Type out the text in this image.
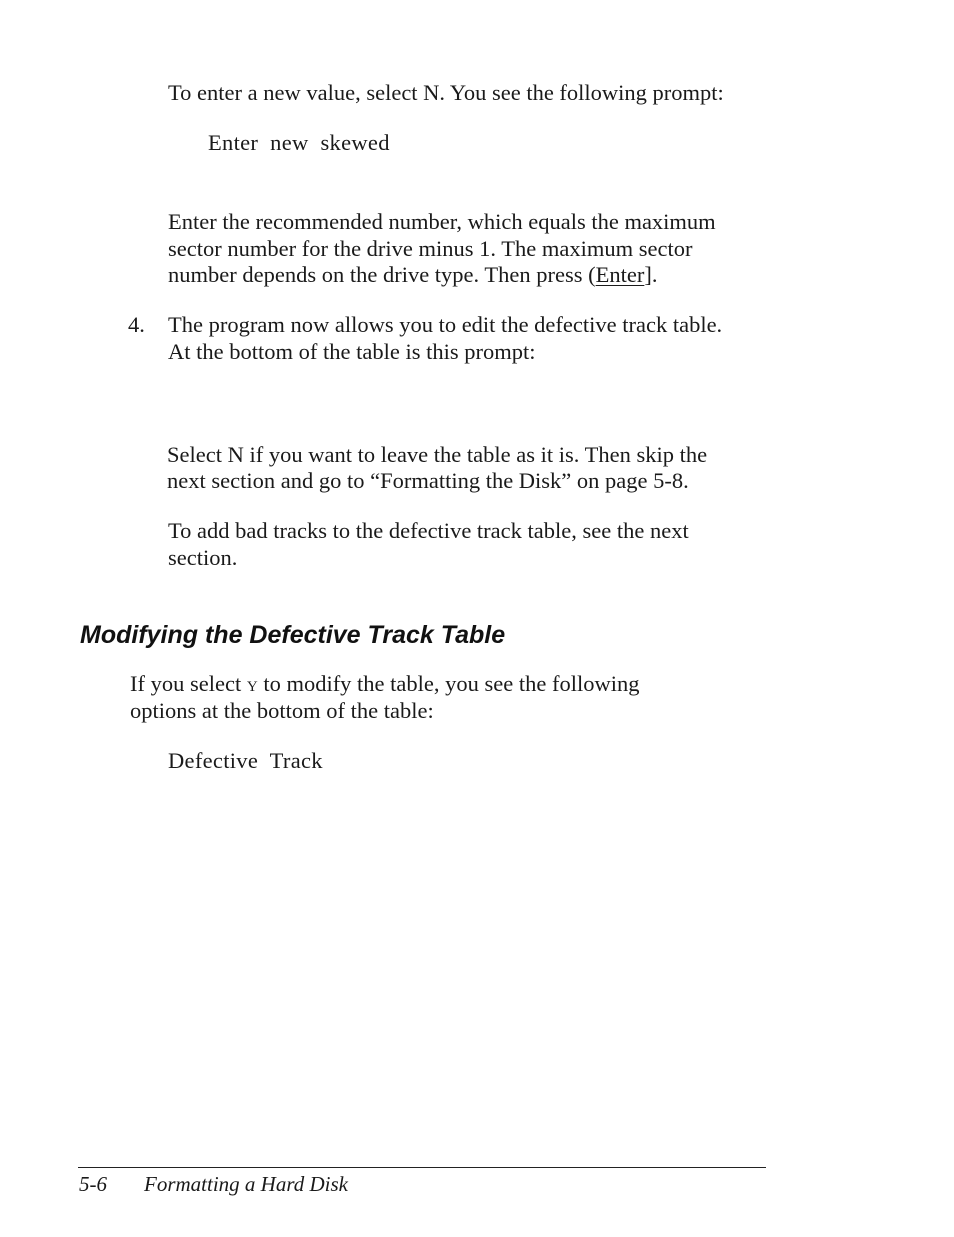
To enter a new value, select N. You see the following prompt:

Enter new skewed

Enter the recommended number, which equals the maximum

sector number for the drive minus 1. The maximum sector

number depends on the drive type. Then press (Enter].

4. The program now allows you to edit the defective track table.

At the bottom of the table is this prompt:

Select N if you want to leave the table as it is. Then skip the

next section and go to “Formatting the Disk” on page 5-8.

To add bad tracks to the defective track table, see the next

section.

Modifying the Defective Track Table

If you select Y to modify the table, you see the following

options at the bottom of the table:

Defective Track

5-6 Formatting a Hard Disk
